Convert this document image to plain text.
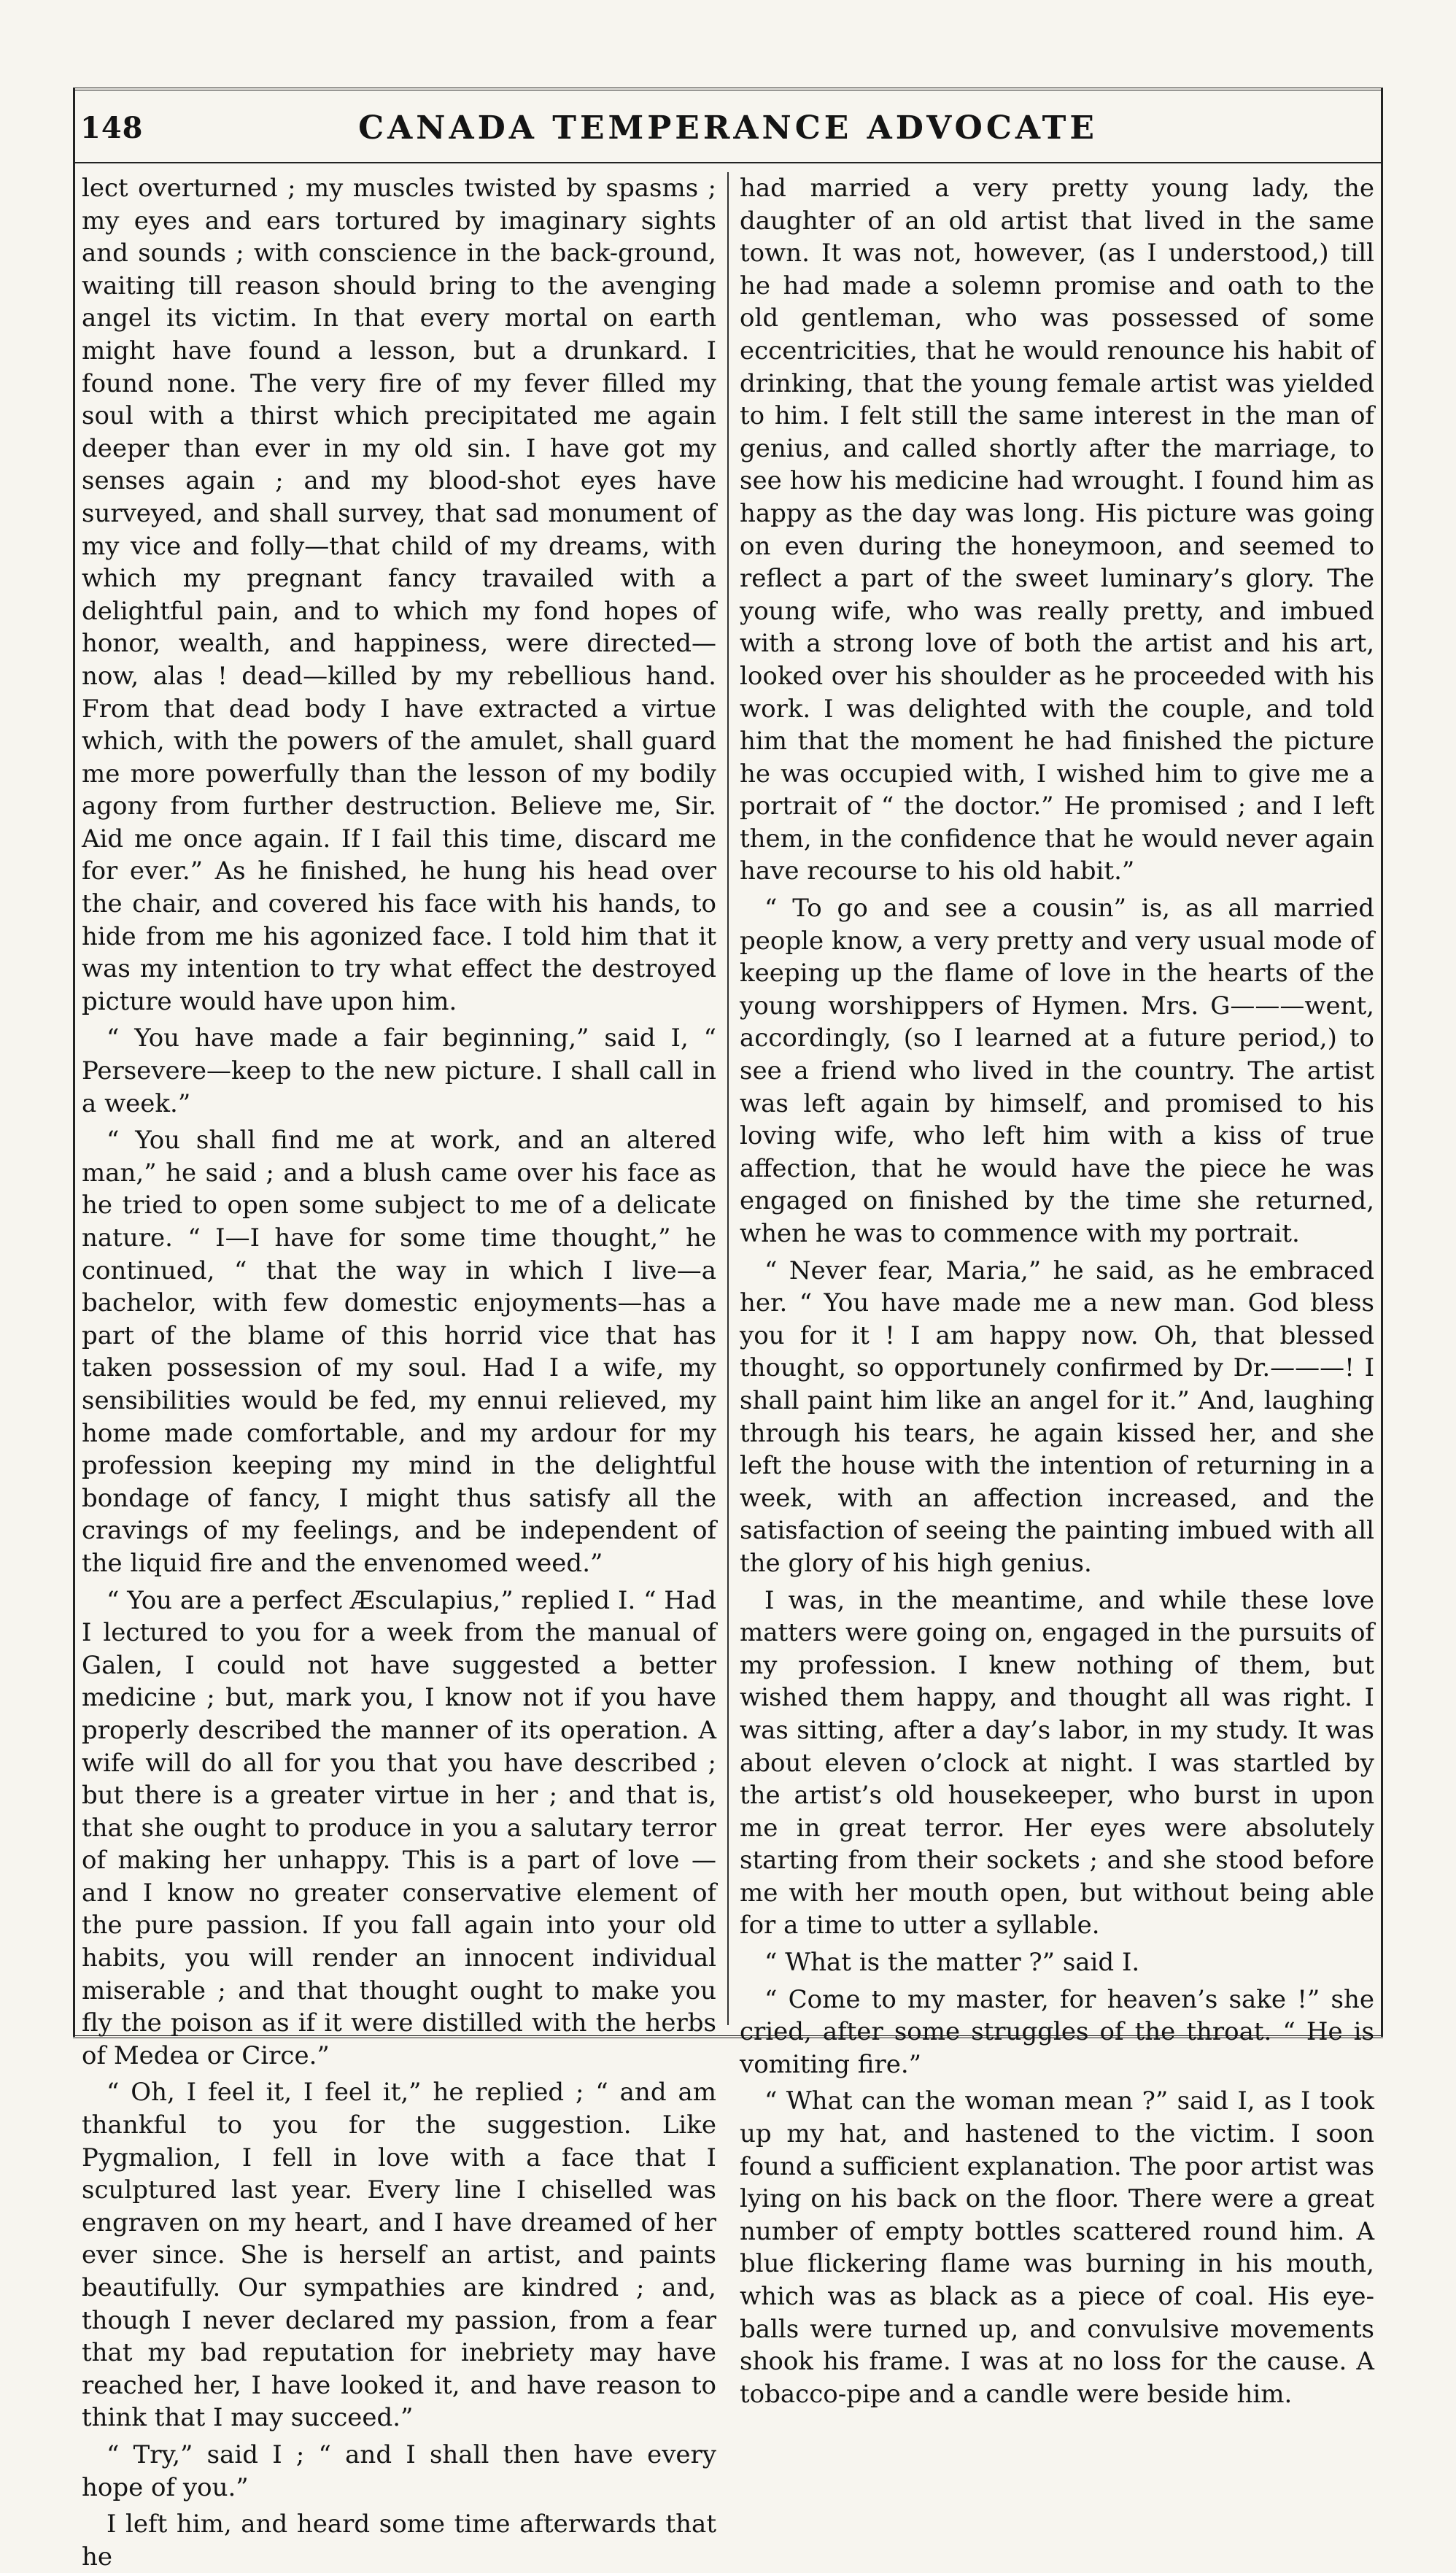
148	CANADA TEMPERANCE ADVOCATE

lect overturned ; my muscles twisted by spasms ; my eyes and ears tortured by imaginary sights and sounds ; with conscience in the back-ground, waiting till reason should bring to the avenging angel its victim. In that every mortal on earth might have found a lesson, but a drunkard. I found none. The very fire of my fever filled my soul with a thirst which precipitated me again deeper than ever in my old sin. I have got my senses again ; and my blood-shot eyes have surveyed, and shall survey, that sad monument of my vice and folly—that child of my dreams, with which my pregnant fancy travailed with a delightful pain, and to which my fond hopes of honor, wealth, and happiness, were directed—now, alas ! dead—killed by my rebellious hand. From that dead body I have extracted a virtue which, with the powers of the amulet, shall guard me more powerfully than the lesson of my bodily agony from further destruction. Believe me, Sir. Aid me once again. If I fail this time, discard me for ever.” As he finished, he hung his head over the chair, and covered his face with his hands, to hide from me his agonized face. I told him that it was my intention to try what effect the destroyed picture would have upon him.

“ You have made a fair beginning,” said I, “ Persevere—keep to the new picture. I shall call in a week.”

“ You shall find me at work, and an altered man,” he said ; and a blush came over his face as he tried to open some subject to me of a delicate nature. “ I—I have for some time thought,” he continued, “ that the way in which I live—a bachelor, with few domestic enjoyments—has a part of the blame of this horrid vice that has taken possession of my soul. Had I a wife, my sensibilities would be fed, my ennui relieved, my home made comfortable, and my ardour for my profession keeping my mind in the delightful bondage of fancy, I might thus satisfy all the cravings of my feelings, and be independent of the liquid fire and the envenomed weed.”

“ You are a perfect Æsculapius,” replied I. “ Had I lectured to you for a week from the manual of Galen, I could not have suggested a better medicine ; but, mark you, I know not if you have properly described the manner of its operation. A wife will do all for you that you have described ; but there is a greater virtue in her ; and that is, that she ought to produce in you a salutary terror of making her unhappy. This is a part of love —and I know no greater conservative element of the pure passion. If you fall again into your old habits, you will render an innocent individual miserable ; and that thought ought to make you fly the poison as if it were distilled with the herbs of Medea or Circe.”

“ Oh, I feel it, I feel it,” he replied ; “ and am thankful to you for the suggestion. Like Pygmalion, I fell in love with a face that I sculptured last year. Every line I chiselled was engraven on my heart, and I have dreamed of her ever since. She is herself an artist, and paints beautifully. Our sympathies are kindred ; and, though I never declared my passion, from a fear that my bad reputation for inebriety may have reached her, I have looked it, and have reason to think that I may succeed.”

“ Try,” said I ; “ and I shall then have every hope of you.”

I left him, and heard some time afterwards that he

had married a very pretty young lady, the daughter of an old artist that lived in the same town. It was not, however, (as I understood,) till he had made a solemn promise and oath to the old gentleman, who was possessed of some eccentricities, that he would renounce his habit of drinking, that the young female artist was yielded to him. I felt still the same interest in the man of genius, and called shortly after the marriage, to see how his medicine had wrought. I found him as happy as the day was long. His picture was going on even during the honeymoon, and seemed to reflect a part of the sweet luminary’s glory. The young wife, who was really pretty, and imbued with a strong love of both the artist and his art, looked over his shoulder as he proceeded with his work. I was delighted with the couple, and told him that the moment he had finished the picture he was occupied with, I wished him to give me a portrait of “ the doctor.” He promised ; and I left them, in the confidence that he would never again have recourse to his old habit.”

“ To go and see a cousin” is, as all married people know, a very pretty and very usual mode of keeping up the flame of love in the hearts of the young worshippers of Hymen. Mrs. G———went, accordingly, (so I learned at a future period,) to see a friend who lived in the country. The artist was left again by himself, and promised to his loving wife, who left him with a kiss of true affection, that he would have the piece he was engaged on finished by the time she returned, when he was to commence with my portrait.

“ Never fear, Maria,” he said, as he embraced her. “ You have made me a new man. God bless you for it ! I am happy now. Oh, that blessed thought, so opportunely confirmed by Dr.———! I shall paint him like an angel for it.” And, laughing through his tears, he again kissed her, and she left the house with the intention of returning in a week, with an affection increased, and the satisfaction of seeing the painting imbued with all the glory of his high genius.

I was, in the meantime, and while these love matters were going on, engaged in the pursuits of my profession. I knew nothing of them, but wished them happy, and thought all was right. I was sitting, after a day’s labor, in my study. It was about eleven o’clock at night. I was startled by the artist’s old housekeeper, who burst in upon me in great terror. Her eyes were absolutely starting from their sockets ; and she stood before me with her mouth open, but without being able for a time to utter a syllable.

“ What is the matter ?” said I.

“ Come to my master, for heaven’s sake !” she cried, after some struggles of the throat. “ He is vomiting fire.”

“ What can the woman mean ?” said I, as I took up my hat, and hastened to the victim. I soon found a sufficient explanation. The poor artist was lying on his back on the floor. There were a great number of empty bottles scattered round him. A blue flickering flame was burning in his mouth, which was as black as a piece of coal. His eye-balls were turned up, and convulsive movements shook his frame. I was at no loss for the cause. A tobacco-pipe and a candle were beside him.
